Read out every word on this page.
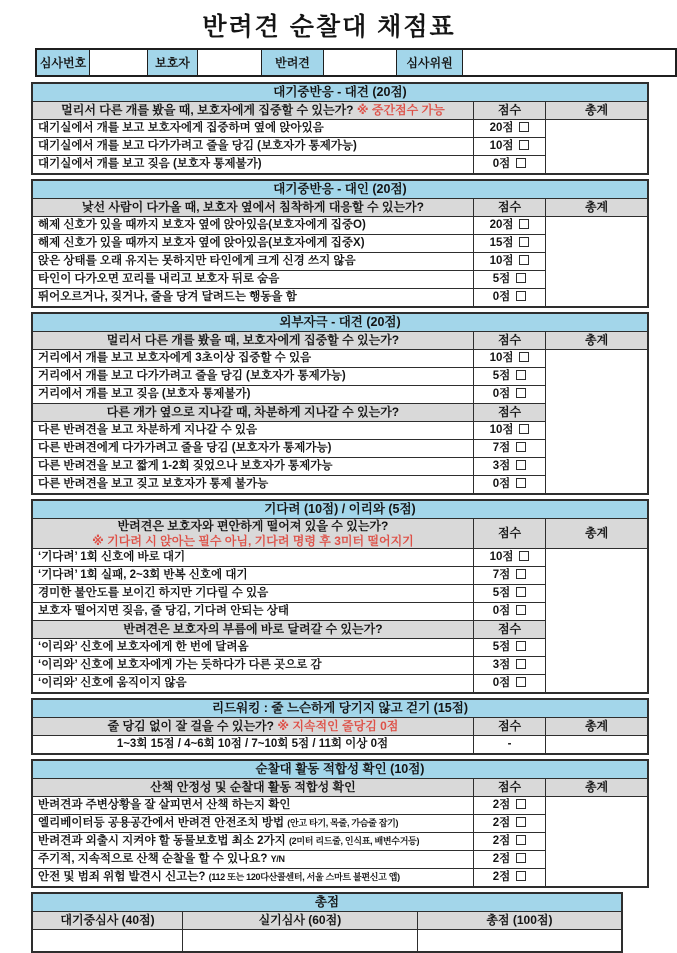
반려견 순찰대 채점표
심사번호		보호자		반려견		심사위원	
대기중반응 - 대견 (20점)		
멀리서 다른 개를 봤을 때, 보호자에게 집중할 수 있는가? ※ 중간점수 가능	점수	총계
대기실에서 개를 보고 보호자에게 집중하며 옆에 앉아있음	20점	
대기실에서 개를 보고 다가가려고 줄을 당김 (보호자가 통제가능)	10점	
대기실에서 개를 보고 짖음 (보호자 통제불가)	0점	
대기중반응 - 대인 (20점)		
낯선 사람이 다가올 때, 보호자 옆에서 침착하게 대응할 수 있는가?	점수	총계
해제 신호가 있을 때까지 보호자 옆에 앉아있음(보호자에게 집중O)	20점	
해제 신호가 있을 때까지 보호자 옆에 앉아있음(보호자에게 집중X)	15점	
앉은 상태를 오래 유지는 못하지만 타인에게 크게 신경 쓰지 않음	10점	
타인이 다가오면 꼬리를 내리고 보호자 뒤로 숨음	5점	
뛰어오르거나, 짖거나, 줄을 당겨 달려드는 행동을 함	0점	
외부자극 - 대견 (20점)		
멀리서 다른 개를 봤을 때, 보호자에게 집중할 수 있는가?	점수	총계
거리에서 개를 보고 보호자에게 3초이상 집중할 수 있음	10점	
거리에서 개를 보고 다가가려고 줄을 당김 (보호자가 통제가능)	5점	
거리에서 개를 보고 짖음 (보호자 통제불가)	0점	
다른 개가 옆으로 지나갈 때, 차분하게 지나갈 수 있는가?	점수	
다른 반려견을 보고 차분하게 지나갈 수 있음	10점	
다른 반려견에게 다가가려고 줄을 당김 (보호자가 통제가능)	7점	
다른 반려견을 보고 짧게 1-2회 짖었으나 보호자가 통제가능	3점	
다른 반려견을 보고 짖고 보호자가 통제 불가능	0점	
기다려 (10점) / 이리와 (5점)		
반려견은 보호자와 편안하게 떨어져 있을 수 있는가?
※ 기다려 시 앉아는 필수 아님, 기다려 명령 후 3미터 떨어지기	점수	총계
‘기다려’ 1회 신호에 바로 대기	10점	
‘기다려’ 1회 실패, 2~3회 반복 신호에 대기	7점	
경미한 불안도를 보이긴 하지만 기다릴 수 있음	5점	
보호자 떨어지면 짖음, 줄 당김, 기다려 안되는 상태	0점	
반려견은 보호자의 부름에 바로 달려갈 수 있는가?	점수	
‘이리와’ 신호에 보호자에게 한 번에 달려옴	5점	
‘이리와’ 신호에 보호자에게 가는 듯하다가 다른 곳으로 감	3점	
‘이리와’ 신호에 움직이지 않음	0점	
리드워킹 : 줄 느슨하게 당기지 않고 걷기 (15점)		
줄 당김 없이 잘 걸을 수 있는가? ※ 지속적인 줄당김 0점	점수	총계
1~3회 15점 / 4~6회 10점 / 7~10회 5점 / 11회 이상 0점	-	
순찰대 활동 적합성 확인 (10점)		
산책 안정성 및 순찰대 활동 적합성 확인	점수	총계
반려견과 주변상황을 잘 살피면서 산책 하는지 확인	2점	
엘리베이터등 공용공간에서 반려견 안전조치 방법 (안고 타기, 목줄, 가슴줄 잡기)	2점	
반려견과 외출시 지켜야 할 동물보호법 최소 2가지 (2미터 리드줄, 인식표, 배변수거등)	2점	
주기적, 지속적으로 산책 순찰을 할 수 있나요? Y/N	2점	
안전 및 범죄 위험 발견시 신고는? (112 또는 120다산콜센터, 서울 스마트 불편신고 앱)	2점	
총점		
대기중심사 (40점)	실기심사 (60점)	총점 (100점)
